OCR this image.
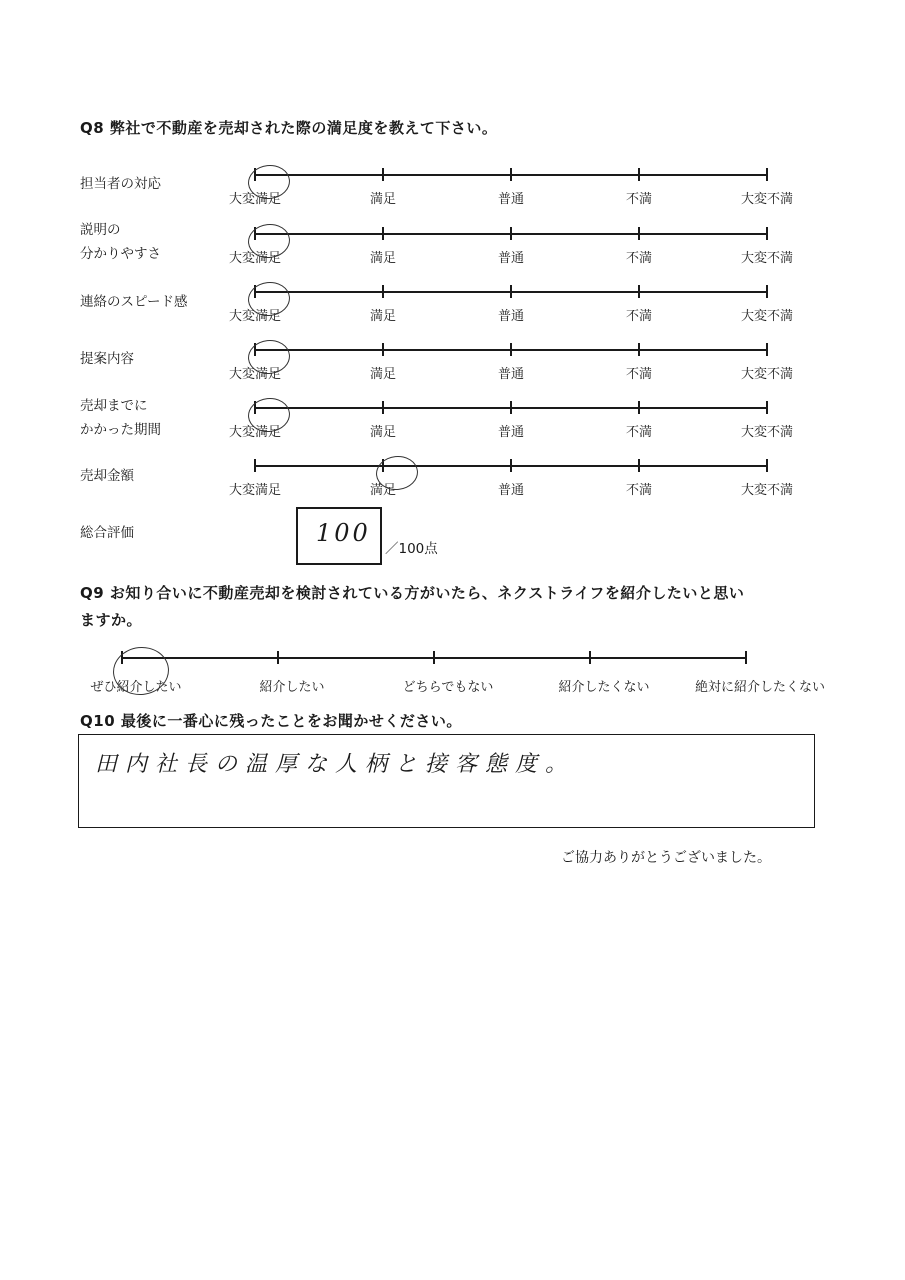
Q8 弊社で不動産を売却された際の満足度を教えて下さい。
担当者の対応
大変満足	満足	普通	不満	大変不満
説明の
分かりやすさ	大変満足	満足	普通	不満	大変不満
連絡のスピード感
大変満足	満足	普通	不満	大変不満
提案内容
大変満足	満足	普通	不満	大変不満
売却までに
かかった期間	大変満足	満足	普通	不満	大変不満
売却金額
大変満足	満足	普通	不満	大変不満
総合評価	100
／100点
Q9 お知り合いに不動産売却を検討されている方がいたら、ネクストライフを紹介したいと思い
ますか。
ぜひ紹介したい	紹介したい	どちらでもない	紹介したくない	絶対に紹介したくない
Q10 最後に一番心に残ったことをお聞かせください。
田内社長の温厚な人柄と接客態度。
ご協力ありがとうございました。
